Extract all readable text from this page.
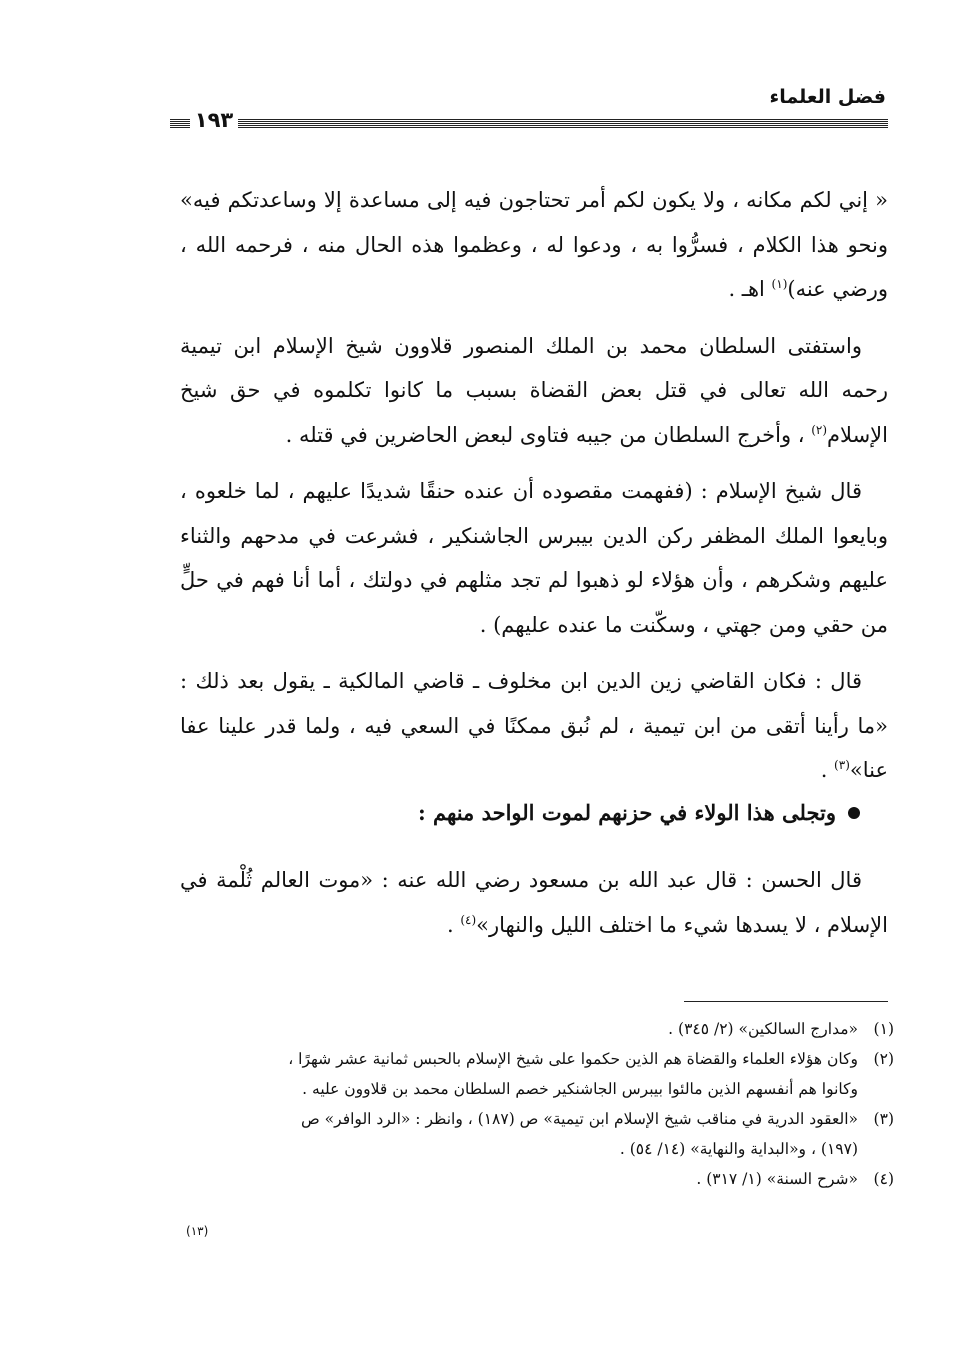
فضل العلماء
١٩٣

« إني لكم مكانه ، ولا يكون لكم أمر تحتاجون فيه إلى مساعدة إلا وساعدتكم فيه» ونحو هذا الكلام ، فسرُّوا به ، ودعوا له ، وعظموا هذه الحال منه ، فرحمه الله ، ورضي عنه)$^{(١)}$ اهـ .

واستفتى السلطان محمد بن الملك المنصور قلاوون شيخ الإسلام ابن تيمية رحمه الله تعالى في قتل بعض القضاة بسبب ما كانوا تكلموه في حق شيخ الإسلام$^{(٢)}$ ، وأخرج السلطان من جيبه فتاوى لبعض الحاضرين في قتله .

قال شيخ الإسلام : (ففهمت مقصوده أن عنده حنقًا شديدًا عليهم ، لما خلعوه ، وبايعوا الملك المظفر ركن الدين بيبرس الجاشنكير ، فشرعت في مدحهم والثناء عليهم وشكرهم ، وأن هؤلاء لو ذهبوا لم تجد مثلهم في دولتك ، أما أنا فهم في حلٍّ من حقي ومن جهتي ، وسكّنت ما عنده عليهم) .

قال : فكان القاضي زين الدين ابن مخلوف ـ قاضي المالكية ـ يقول بعد ذلك : «ما رأينا أتقى من ابن تيمية ، لم نُبق ممكنًا في السعي فيه ، ولما قدر علينا عفا عنا»$^{(٣)}$ .

وتجلى هذا الولاء في حزنهم لموت الواحد منهم :

قال الحسن : قال عبد الله بن مسعود رضي الله عنه : «موت العالم ثُلْمة في الإسلام ، لا يسدها شيء ما اختلف الليل والنهار»$^{(٤)}$ .

(١)
«مدارج السالكين» (٢/ ٣٤٥) .
(٢)
وكان هؤلاء العلماء والقضاة هم الذين حكموا على شيخ الإسلام بالحبس ثمانية عشر شهرًا ،
وكانوا هم أنفسهم الذين مالئوا بيبرس الجاشنكير خصم السلطان محمد بن قلاوون عليه .
(٣)
«العقود الدرية في مناقب شيخ الإسلام ابن تيمية» ص (١٨٧) ، وانظر : «الرد الوافر» ص
(١٩٧) ، و«البداية والنهاية» (١٤/ ٥٤) .
(٤)
«شرح السنة» (١/ ٣١٧) .
(١٣)
